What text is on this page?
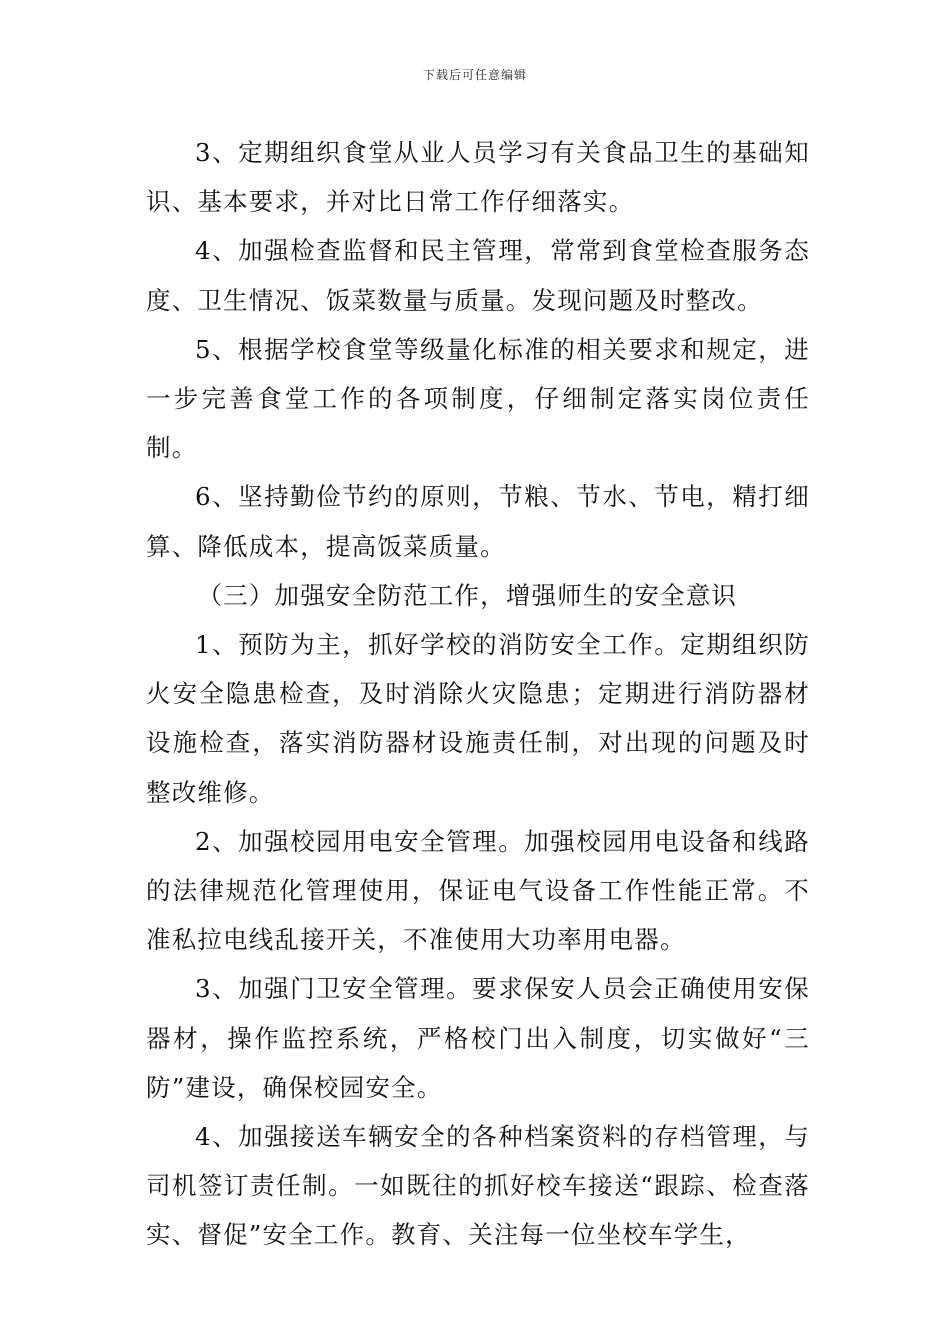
下载后可任意编辑

3、定期组织食堂从业人员学习有关食品卫生的基础知识、基本要求，并对比日常工作仔细落实。

4、加强检查监督和民主管理，常常到食堂检查服务态度、卫生情况、饭菜数量与质量。发现问题及时整改。

5、根据学校食堂等级量化标准的相关要求和规定，进一步完善食堂工作的各项制度，仔细制定落实岗位责任制。

6、坚持勤俭节约的原则，节粮、节水、节电，精打细算、降低成本，提高饭菜质量。

（三）加强安全防范工作，增强师生的安全意识

1、预防为主，抓好学校的消防安全工作。定期组织防火安全隐患检查，及时消除火灾隐患；定期进行消防器材设施检查，落实消防器材设施责任制，对出现的问题及时整改维修。

2、加强校园用电安全管理。加强校园用电设备和线路的法律规范化管理使用，保证电气设备工作性能正常。不准私拉电线乱接开关，不准使用大功率用电器。

3、加强门卫安全管理。要求保安人员会正确使用安保器材，操作监控系统，严格校门出入制度，切实做好“三防”建设，确保校园安全。

4、加强接送车辆安全的各种档案资料的存档管理，与司机签订责任制。一如既往的抓好校车接送“跟踪、检查落实、督促”安全工作。教育、关注每一位坐校车学生，
